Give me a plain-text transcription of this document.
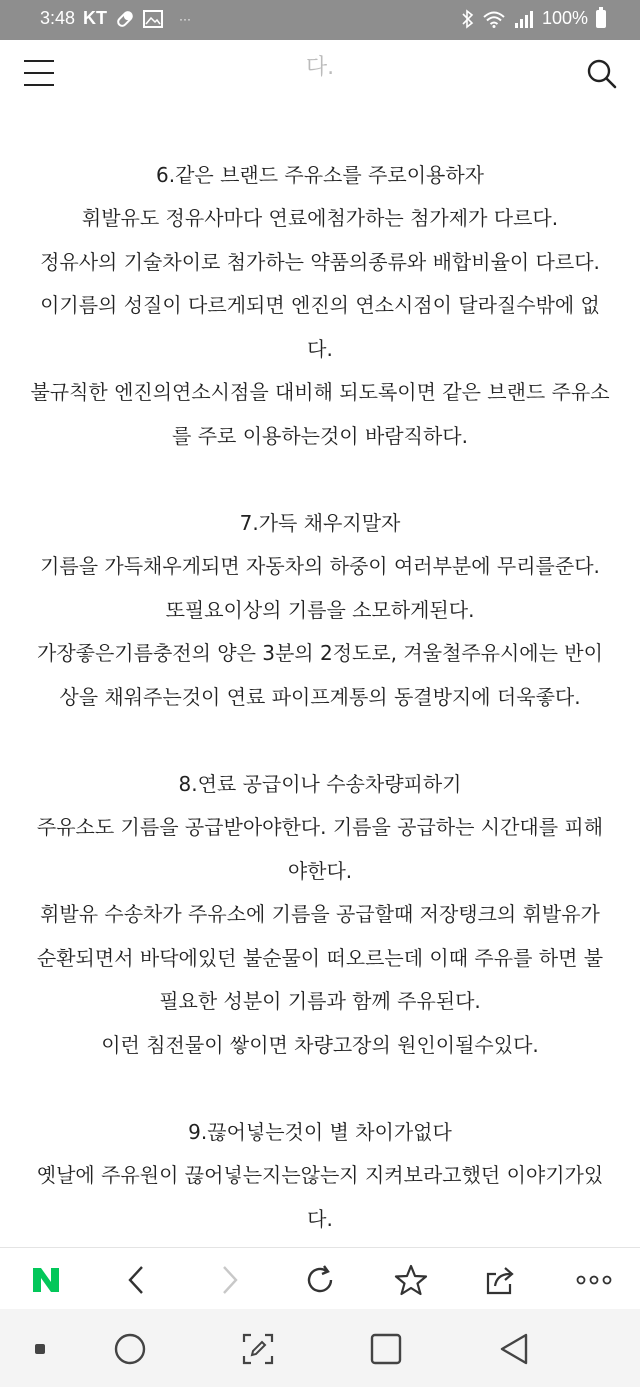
3:48 KT	···	100%
다.

6.같은 브랜드 주유소를 주로이용하자

휘발유도 정유사마다 연료에첨가하는 첨가제가 다르다.

정유사의 기술차이로 첨가하는 약품의종류와 배합비율이 다르다.

이기름의 성질이 다르게되면 엔진의 연소시점이 달라질수밖에 없

다.

불규칙한 엔진의연소시점을 대비해 되도록이면 같은 브랜드 주유소

를 주로 이용하는것이 바람직하다.

7.가득 채우지말자

기름을 가득채우게되면 자동차의 하중이 여러부분에 무리를준다.

또필요이상의 기름을 소모하게된다.

가장좋은기름충전의 양은 3분의 2정도로, 겨울철주유시에는 반이

상을 채워주는것이 연료 파이프계통의 동결방지에 더욱좋다.

8.연료 공급이나 수송차량피하기

주유소도 기름을 공급받아야한다. 기름을 공급하는 시간대를 피해

야한다.

휘발유 수송차가 주유소에 기름을 공급할때 저장탱크의 휘발유가

순환되면서 바닥에있던 불순물이 떠오르는데 이때 주유를 하면 불

필요한 성분이 기름과 함께 주유된다.

이런 침전물이 쌓이면 차량고장의 원인이될수있다.

9.끊어넣는것이 별 차이가없다

옛날에 주유원이 끊어넣는지는않는지 지켜보라고했던 이야기가있

다.
